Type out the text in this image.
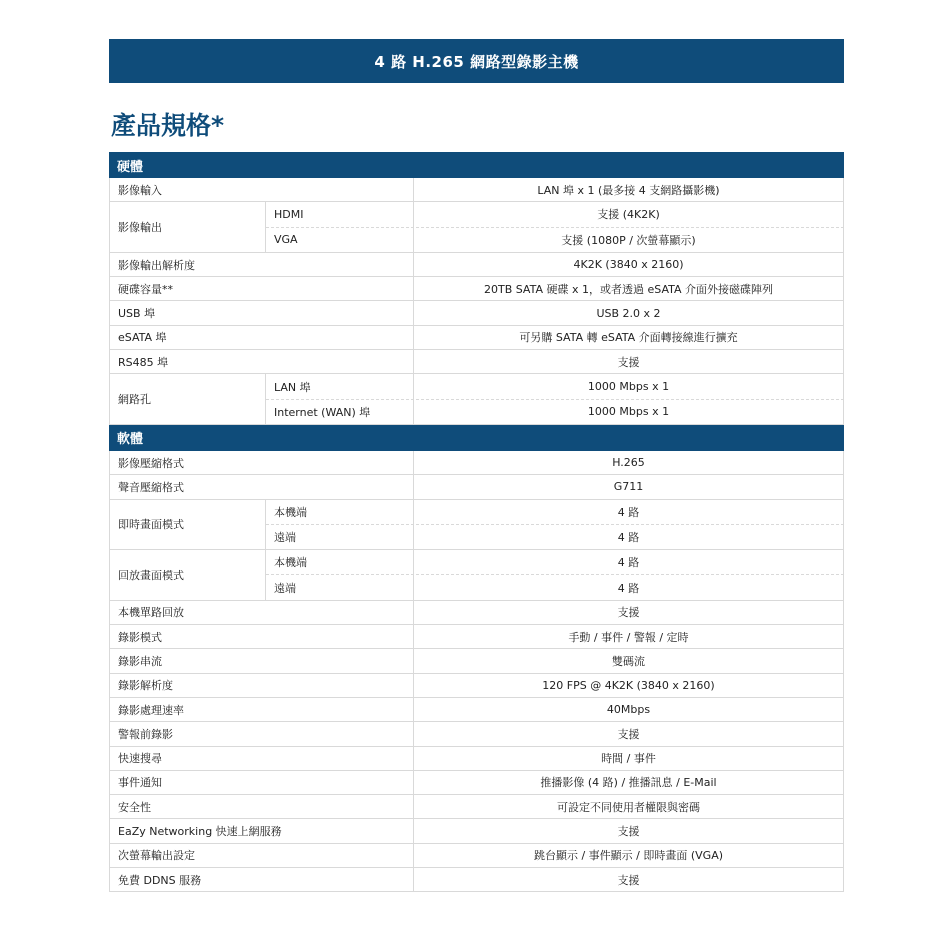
4 路 H.265 網路型錄影主機
產品規格*
硬體
影像輸入	LAN 埠 x 1 (最多接 4 支網路攝影機)
影像輸出
HDMI	支援 (4K2K)
VGA	支援 (1080P / 次螢幕顯示)
影像輸出解析度	4K2K (3840 x 2160)
硬碟容量**	20TB SATA 硬碟 x 1，或者透過 eSATA 介面外接磁碟陣列
USB 埠	USB 2.0 x 2
eSATA 埠	可另購 SATA 轉 eSATA 介面轉接線進行擴充
RS485 埠	支援
網路孔
LAN 埠	1000 Mbps x 1
Internet (WAN) 埠	1000 Mbps x 1
軟體
影像壓縮格式	H.265
聲音壓縮格式	G711
即時畫面模式
本機端	4 路
遠端	4 路
回放畫面模式
本機端	4 路
遠端	4 路
本機單路回放	支援
錄影模式	手動 / 事件 / 警報 / 定時
錄影串流	雙碼流
錄影解析度	120 FPS @ 4K2K (3840 x 2160)
錄影處理速率	40Mbps
警報前錄影	支援
快速搜尋	時間 / 事件
事件通知	推播影像 (4 路) / 推播訊息 / E-Mail
安全性	可設定不同使用者權限與密碼
EaZy Networking 快速上網服務	支援
次螢幕輸出設定	跳台顯示 / 事件顯示 / 即時畫面 (VGA)
免費 DDNS 服務	支援
